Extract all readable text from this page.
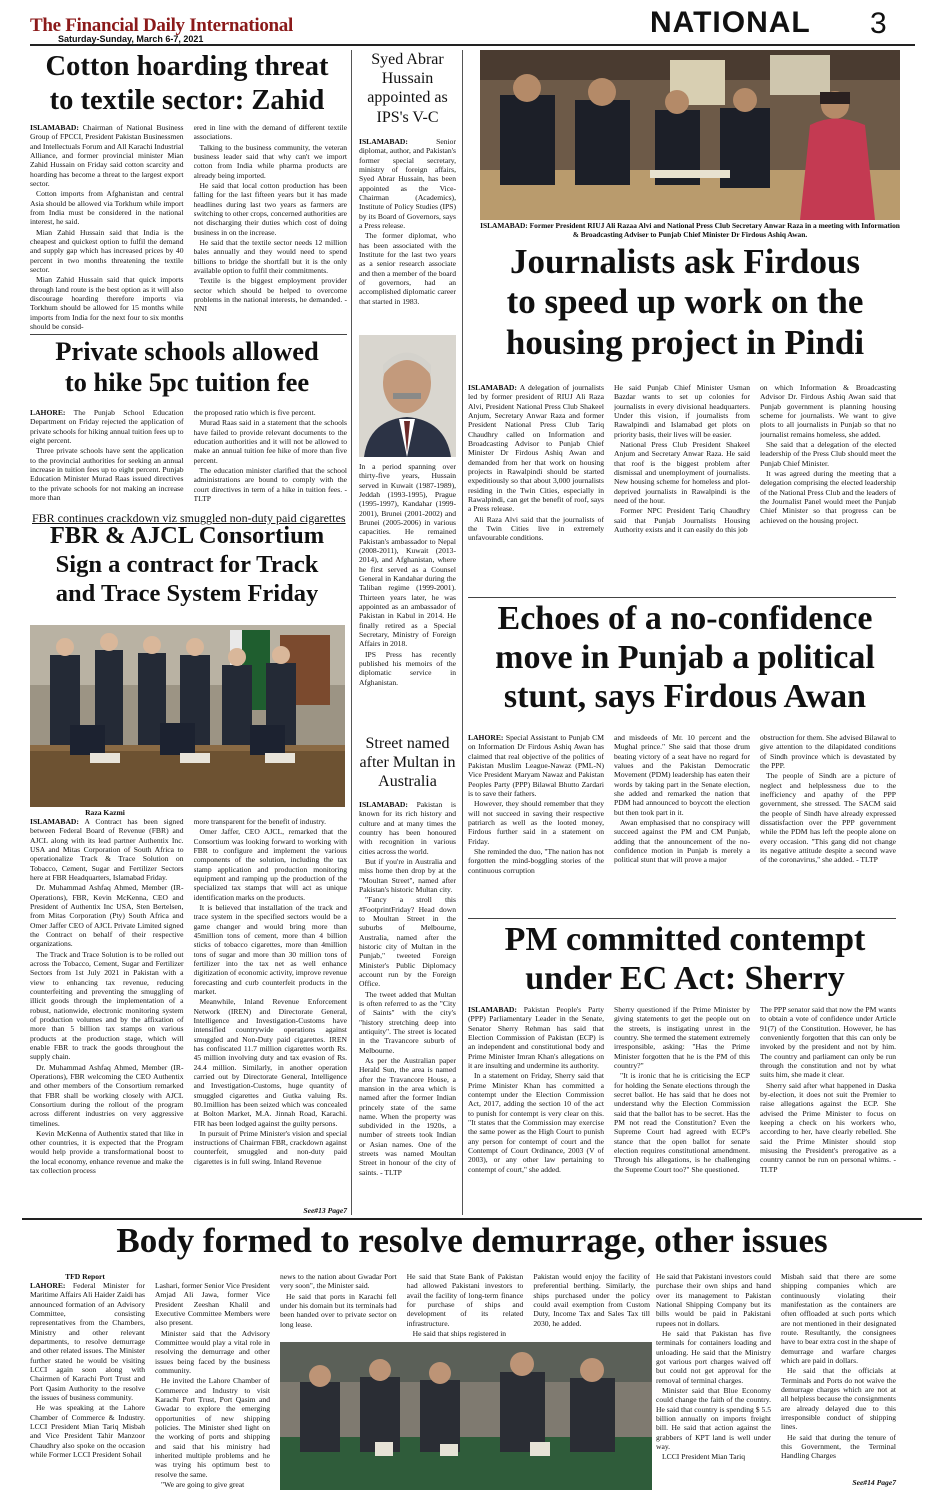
The Financial Daily International
Saturday-Sunday, March 6-7, 2021	NATIONAL 3
Cotton hoarding threat
to textile sector: Zahid

ISLAMABAD: Chairman of National Business Group of FPCCI, President Pakistan Businessmen and Intellectuals Forum and All Karachi Industrial Alliance, and former provincial minister Mian Zahid Hussain on Friday said cotton scarcity and hoarding has become a threat to the largest export sector.

Cotton imports from Afghanistan and central Asia should be allowed via Torkhum while import from India must be considered in the national interest, he said.

Mian Zahid Hussain said that India is the cheapest and quickest option to fulfil the demand and supply gap which has increased prices by 40 percent in two months threatening the textile sector.

Mian Zahid Hussain said that quick imports through land route is the best option as it will also discourage hoarding therefore imports via Torkhum should be allowed for 15 months while imports from India for the next four to six months should be consid-

ered in line with the demand of different textile associations.

Talking to the business community, the veteran business leader said that why can't we import cotton from India while pharma products are already being imported.

He said that local cotton production has been falling for the last fifteen years but it has made headlines during last two years as farmers are switching to other crops, concerned authorities are not discharging their duties which cost of doing business in on the increase.

He said that the textile sector needs 12 million bales annually and they would need to spend billions to bridge the shortfall but it is the only available option to fulfil their commitments.

Textile is the biggest employment provider sector which should be helped to overcome problems in the national interests, he demanded. - NNI

Private schools allowed
to hike 5pc tuition fee

LAHORE: The Punjab School Education Department on Friday rejected the application of private schools for hiking annual tuition fees up to eight percent.

Three private schools have sent the application to the provincial authorities for seeking an annual increase in tuition fees up to eight percent. Punjab Education Minister Murad Raas issued directives to the private schools for not making an increase more than

the proposed ratio which is five percent.

Murad Raas said in a statement that the schools have failed to provide relevant documents to the education authorities and it will not be allowed to make an annual tuition fee hike of more than five percent.

The education minister clarified that the school administrations are bound to comply with the court directives in term of a hike in tuition fees. - TLTP

FBR continues crackdown viz smuggled non-duty paid cigarettes
FBR & AJCL Consortium
Sign a contract for Track
and Trace System Friday
Raza Kazmi

ISLAMABAD: A Contract has been signed between Federal Board of Revenue (FBR) and AJCL along with its lead partner Authentix Inc. USA and Mitas Corporation of South Africa to operationalize Track & Trace Solution on Tobacco, Cement, Sugar and Fertilizer Sectors here at FBR Headquarters, Islamabad Friday.

Dr. Muhammad Ashfaq Ahmed, Member (IR-Operations), FBR, Kevin McKenna, CEO and President of Authentix Inc USA, Sten Bertelsen, from Mitas Corporation (Pty) South Africa and Omer Jaffer CEO of AJCL Private Limited signed the Contract on behalf of their respective organizations.

The Track and Trace Solution is to be rolled out across the Tobacco, Cement, Sugar and Fertilizer Sectors from 1st July 2021 in Pakistan with a view to enhancing tax revenue, reducing counterfeiting and preventing the smuggling of illicit goods through the implementation of a robust, nationwide, electronic monitoring system of production volumes and by the affixation of more than 5 billion tax stamps on various products at the production stage, which will enable FBR to track the goods throughout the supply chain.

Dr. Muhammad Ashfaq Ahmed, Member (IR-Operations), FBR welcoming the CEO Authentix and other members of the Consortium remarked that FBR shall be working closely with AJCL Consortium during the rollout of the program across different industries on very aggressive timelines.

Kevin McKenna of Authentix stated that like in other countries, it is expected that the Program would help provide a transformational boost to the local economy, enhance revenue and make the tax collection process

more transparent for the benefit of industry.

Omer Jaffer, CEO AJCL, remarked that the Consortium was looking forward to working with FBR to configure and implement the various components of the solution, including the tax stamp application and production monitoring equipment and ramping up the production of the specialized tax stamps that will act as unique identification marks on the products.

It is believed that installation of the track and trace system in the specified sectors would be a game changer and would bring more than 45million tons of cement, more than 4 billion sticks of tobacco cigarettes, more than 4million tons of sugar and more than 30 million tons of fertilizer into the tax net as well enhance digitization of economic activity, improve revenue forecasting and curb counterfeit products in the market.

Meanwhile, Inland Revenue Enforcement Network (IREN) and Directorate General, Intelligence and Investigation-Customs have intensified countrywide operations against smuggled and Non-Duty paid cigarettes. IREN has confiscated 11.7 million cigarettes worth Rs. 45 million involving duty and tax evasion of Rs. 24.4 million. Similarly, in another operation carried out by Directorate General, Intelligence and Investigation-Customs, huge quantity of smuggled cigarettes and Gutka valuing Rs. 80.1million has been seized which was concealed at Bolton Market, M.A. Jinnah Road, Karachi. FIR has been lodged against the guilty persons.

In pursuit of Prime Minister's vision and special instructions of Chairman FBR, crackdown against counterfeit, smuggled and non-duty paid cigarettes is in full swing. Inland Revenue

See#13 Page7
Syed Abrar Hussain appointed as IPS's V-C

ISLAMABAD:	Senior diplomat, author, and Pakistan's former special secretary, ministry of foreign affairs, Syed Abrar Hussain, has been appointed as the Vice-Chairman (Academics), Institute of Policy Studies (IPS) by its Board of Governors, says a Press release.

The former diplomat, who has been associated with the Institute for the last two years as a senior research associate and then a member of the board of governors, had an accomplished diplomatic career that started in 1983.

In a period spanning over thirty-five years, Hussain served in Kuwait (1987-1989), Jeddah (1993-1995), Prague (1995-1997), Kandahar (1999-2001), Brunei (2001-2002) and Brunei (2005-2006) in various capacities. He remained Pakistan's ambassador to Nepal (2008-2011), Kuwait (2013-2014), and Afghanistan, where he first served as a Counsel General in Kandahar during the Taliban regime (1999-2001). Thirteen years later, he was appointed as an ambassador of Pakistan in Kabul in 2014. He finally retired as a Special Secretary, Ministry of Foreign Affairs in 2018.

IPS Press has recently published his memoirs of the diplomatic service in Afghanistan.

Street named after Multan in Australia

ISLAMABAD: Pakistan is known for its rich history and culture and at many times the country has been honoured with recognition in various cities across the world.

But if you're in Australia and miss home then drop by at the "Moultan Street", named after Pakistan's historic Multan city.

"Fancy a stroll this #FootprintFriday? Head down to Moultan Street in the suburbs of Melbourne, Australia, named after the historic city of Multan in the Punjab," tweeted Foreign Minister's Public Diplomacy account run by the Foreign Office.

The tweet added that Multan is often referred to as the "City of Saints" with the city's "history stretching deep into antiquity". The street is located in the Travancore suburb of Melbourne.

As per the Australian paper Herald Sun, the area is named after the Travancore House, a mansion in the area which is named after the former Indian princely state of the same name. When the property was subdivided in the 1920s, a number of streets took Indian or Asian names. One of the streets was named Moultan Street in honour of the city of saints. - TLTP

ISLAMABAD: Former President RIUJ Ali Razaa Alvi and National Press Club Secretary Anwar Raza in a meeting with Information & Broadcasting Adviser to Punjab Chief Minister Dr Firdous Ashiq Awan.
Journalists ask Firdous
to speed up work on the
housing project in Pindi

ISLAMABAD: A delegation of journalists led by former president of RIUJ Ali Raza Alvi, President National Press Club Shakeel Anjum, Secretary Anwar Raza and former President National Press Club Tariq Chaudhry called on Information and Broadcasting Advisor to Punjab Chief Minister Dr Firdous Ashiq Awan and demanded from her that work on housing projects in Rawalpindi should be started expeditiously so that about 3,000 journalists residing in the Twin Cities, especially in Rawalpindi, can get the benefit of roof, says a Press release.

Ali Raza Alvi said that the journalists of the Twin Cities live in extremely unfavourable conditions.

He said Punjab Chief Minister Usman Bazdar wants to set up colonies for journalists in every divisional headquarters. Under this vision, if journalists from Rawalpindi and Islamabad get plots on priority basis, their lives will be easier.

National Press Club President Shakeel Anjum and Secretary Anwar Raza. He said that roof is the biggest problem after dismissal and unemployment of journalists. New housing scheme for homeless and plot-deprived journalists in Rawalpindi is the need of the hour.

Former NPC President Tariq Chaudhry said that Punjab Journalists Housing Authority exists and it can easily do this job

on which Information & Broadcasting Advisor Dr. Firdous Ashiq Awan said that Punjab government is planning housing scheme for journalists. We want to give plots to all journalists in Punjab so that no journalist remains homeless, she added.

She said that a delegation of the elected leadership of the Press Club should meet the Punjab Chief Minister.

It was agreed during the meeting that a delegation comprising the elected leadership of the National Press Club and the leaders of the Journalist Panel would meet the Punjab Chief Minister so that progress can be achieved on the housing project.

Echoes of a no-confidence
move in Punjab a political
stunt, says Firdous Awan

LAHORE: Special Assistant to Punjab CM on Information Dr Firdous Ashiq Awan has claimed that real objective of the politics of Pakistan Muslim League-Nawaz (PML-N) Vice President Maryam Nawaz and Pakistan Peoples Party (PPP) Bilawal Bhutto Zardari is to save their fathers.

However, they should remember that they will not succeed in saving their respective patriarch as well as the looted money, Firdous further said in a statement on Friday.

She reminded the duo, "The nation has not forgotten the mind-boggling stories of the continuous corruption

and misdeeds of Mr. 10 percent and the Mughal prince." She said that those drum beating victory of a seat have no regard for values and the Pakistan Democratic Movement (PDM) leadership has eaten their words by taking part in the Senate election, she added and remarked the nation that PDM had announced to boycott the election but then took part in it.

Awan emphasised that no conspiracy will succeed against the PM and CM Punjab, adding that the announcement of the no-confidence motion in Punjab is merely a political stunt that will prove a major

obstruction for them. She advised Bilawal to give attention to the dilapidated conditions of Sindh province which is devastated by the PPP.

The people of Sindh are a picture of neglect and helplessness due to the inefficiency and apathy of the PPP government, she stressed. The SACM said the people of Sindh have already expressed dissatisfaction over the PPP government while the PDM has left the people alone on every occasion. "This gang did not change its negative attitude despite a second wave of the coronavirus," she added. - TLTP

PM committed contempt
under EC Act: Sherry

ISLAMABAD: Pakistan People's Party (PPP) Parliamentary Leader in the Senate, Senator Sherry Rehman has said that Election Commission of Pakistan (ECP) is an independent and constitutional body and Prime Minister Imran Khan's allegations on it are insulting and undermine its authority.

In a statement on Friday, Sherry said that Prime Minister Khan has committed a contempt under the Election Commission Act, 2017, adding the section 10 of the act to punish for contempt is very clear on this. "It states that the Commission may exercise the same power as the High Court to punish any person for contempt of court and the Contempt of Court Ordinance, 2003 (V of 2003), or any other law pertaining to contempt of court," she added.

Sherry questioned if the Prime Minister by giving statements to get the people out on the streets, is instigating unrest in the country. She termed the statement extremely irresponsible, asking: "Has the Prime Minister forgotten that he is the PM of this country?"

"It is ironic that he is criticising the ECP for holding the Senate elections through the secret ballot. He has said that he does not understand why the Election Commission said that the ballot has to be secret. Has the PM not read the Constitution? Even the Supreme Court had agreed with ECP's stance that the open ballot for senate election requires constitutional amendment. Through his allegations, is he challenging the Supreme Court too?" She questioned.

The PPP senator said that now the PM wants to obtain a vote of confidence under Article 91(7) of the Constitution. However, he has conveniently forgotten that this can only be invoked by the president and not by him. The country and parliament can only be run through the constitution and not by what suits him, she made it clear.

Sherry said after what happened in Daska by-election, it does not suit the Premier to raise allegations against the ECP. She advised the Prime Minister to focus on keeping a check on his workers who, according to her, have clearly rebelled. She said the Prime Minister should stop misusing the President's prerogative as a country cannot be run on personal whims. - TLTP

Body formed to resolve demurrage, other issues
TFD Report

LAHORE: Federal Minister for Maritime Affairs Ali Haider Zaidi has announced formation of an Advisory Committee, consisting representatives from the Chambers, Ministry and other relevant departments, to resolve demurrage and other related issues. The Minister further stated he would be visiting LCCI again soon along with Chairmen of Karachi Port Trust and Port Qasim Authority to the resolve the issues of business community.

He was speaking at the Lahore Chamber of Commerce & Industry. LCCI President Mian Tariq Misbah and Vice President Tahir Manzoor Chaudhry also spoke on the occasion while Former LCCI President Sohail

Lashari, former Senior Vice President Amjad Ali Jawa, former Vice President Zeeshan Khalil and Executive Committee Members were also present.

Minister said that the Advisory Committee would play a vital role in resolving the demurrage and other issues being faced by the business community.

He invited the Lahore Chamber of Commerce and Industry to visit Karachi Port Trust, Port Qasim and Gwadar to explore the emerging opportunities of new shipping policies. The Minister shed light on the working of ports and shipping and said that his ministry had inherited multiple problems and he was trying his optimum best to resolve the same.

"We are going to give great

news to the nation about Gwadar Port very soon", the Minister said.

He said that ports in Karachi fell under his domain but its terminals had been handed over to private sector on long lease.

He said that State Bank of Pakistan had allowed Pakistani investors to avail the facility of long-term finance for purchase of ships and development of its related infrastructure.

He said that ships registered in

Pakistan would enjoy the facility of preferential berthing. Similarly, the ships purchased under the policy could avail exemption from Custom Duty, Income Tax and Sales Tax till 2030, he added.

He said that Pakistani investors could purchase their own ships and hand over its management to Pakistan National Shipping Company but its bills would be paid in Pakistani rupees not in dollars.

He said that Pakistan has five terminals for containers loading and unloading. He said that the Ministry got various port charges waived off but could not get approval for the removal of terminal charges.

Minister said that Blue Economy could change the faith of the country. He said that country is spending $ 5.5 billion annually on imports freight bill. He said that action against the grabbers of KPT land is well under way.

LCCI President Mian Tariq

Misbah said that there are some shipping companies which are continuously violating their manifestation as the containers are often offloaded at such ports which are not mentioned in their designated route. Resultantly, the consignees have to bear extra cost in the shape of demurrage and warfare charges which are paid in dollars.

He said that the officials at Terminals and Ports do not waive the demurrage charges which are not at all helpless because the consignments are already delayed due to this irresponsible conduct of shipping lines.

He said that during the tenure of this Government, the Terminal Handling Charges

See#14 Page7
